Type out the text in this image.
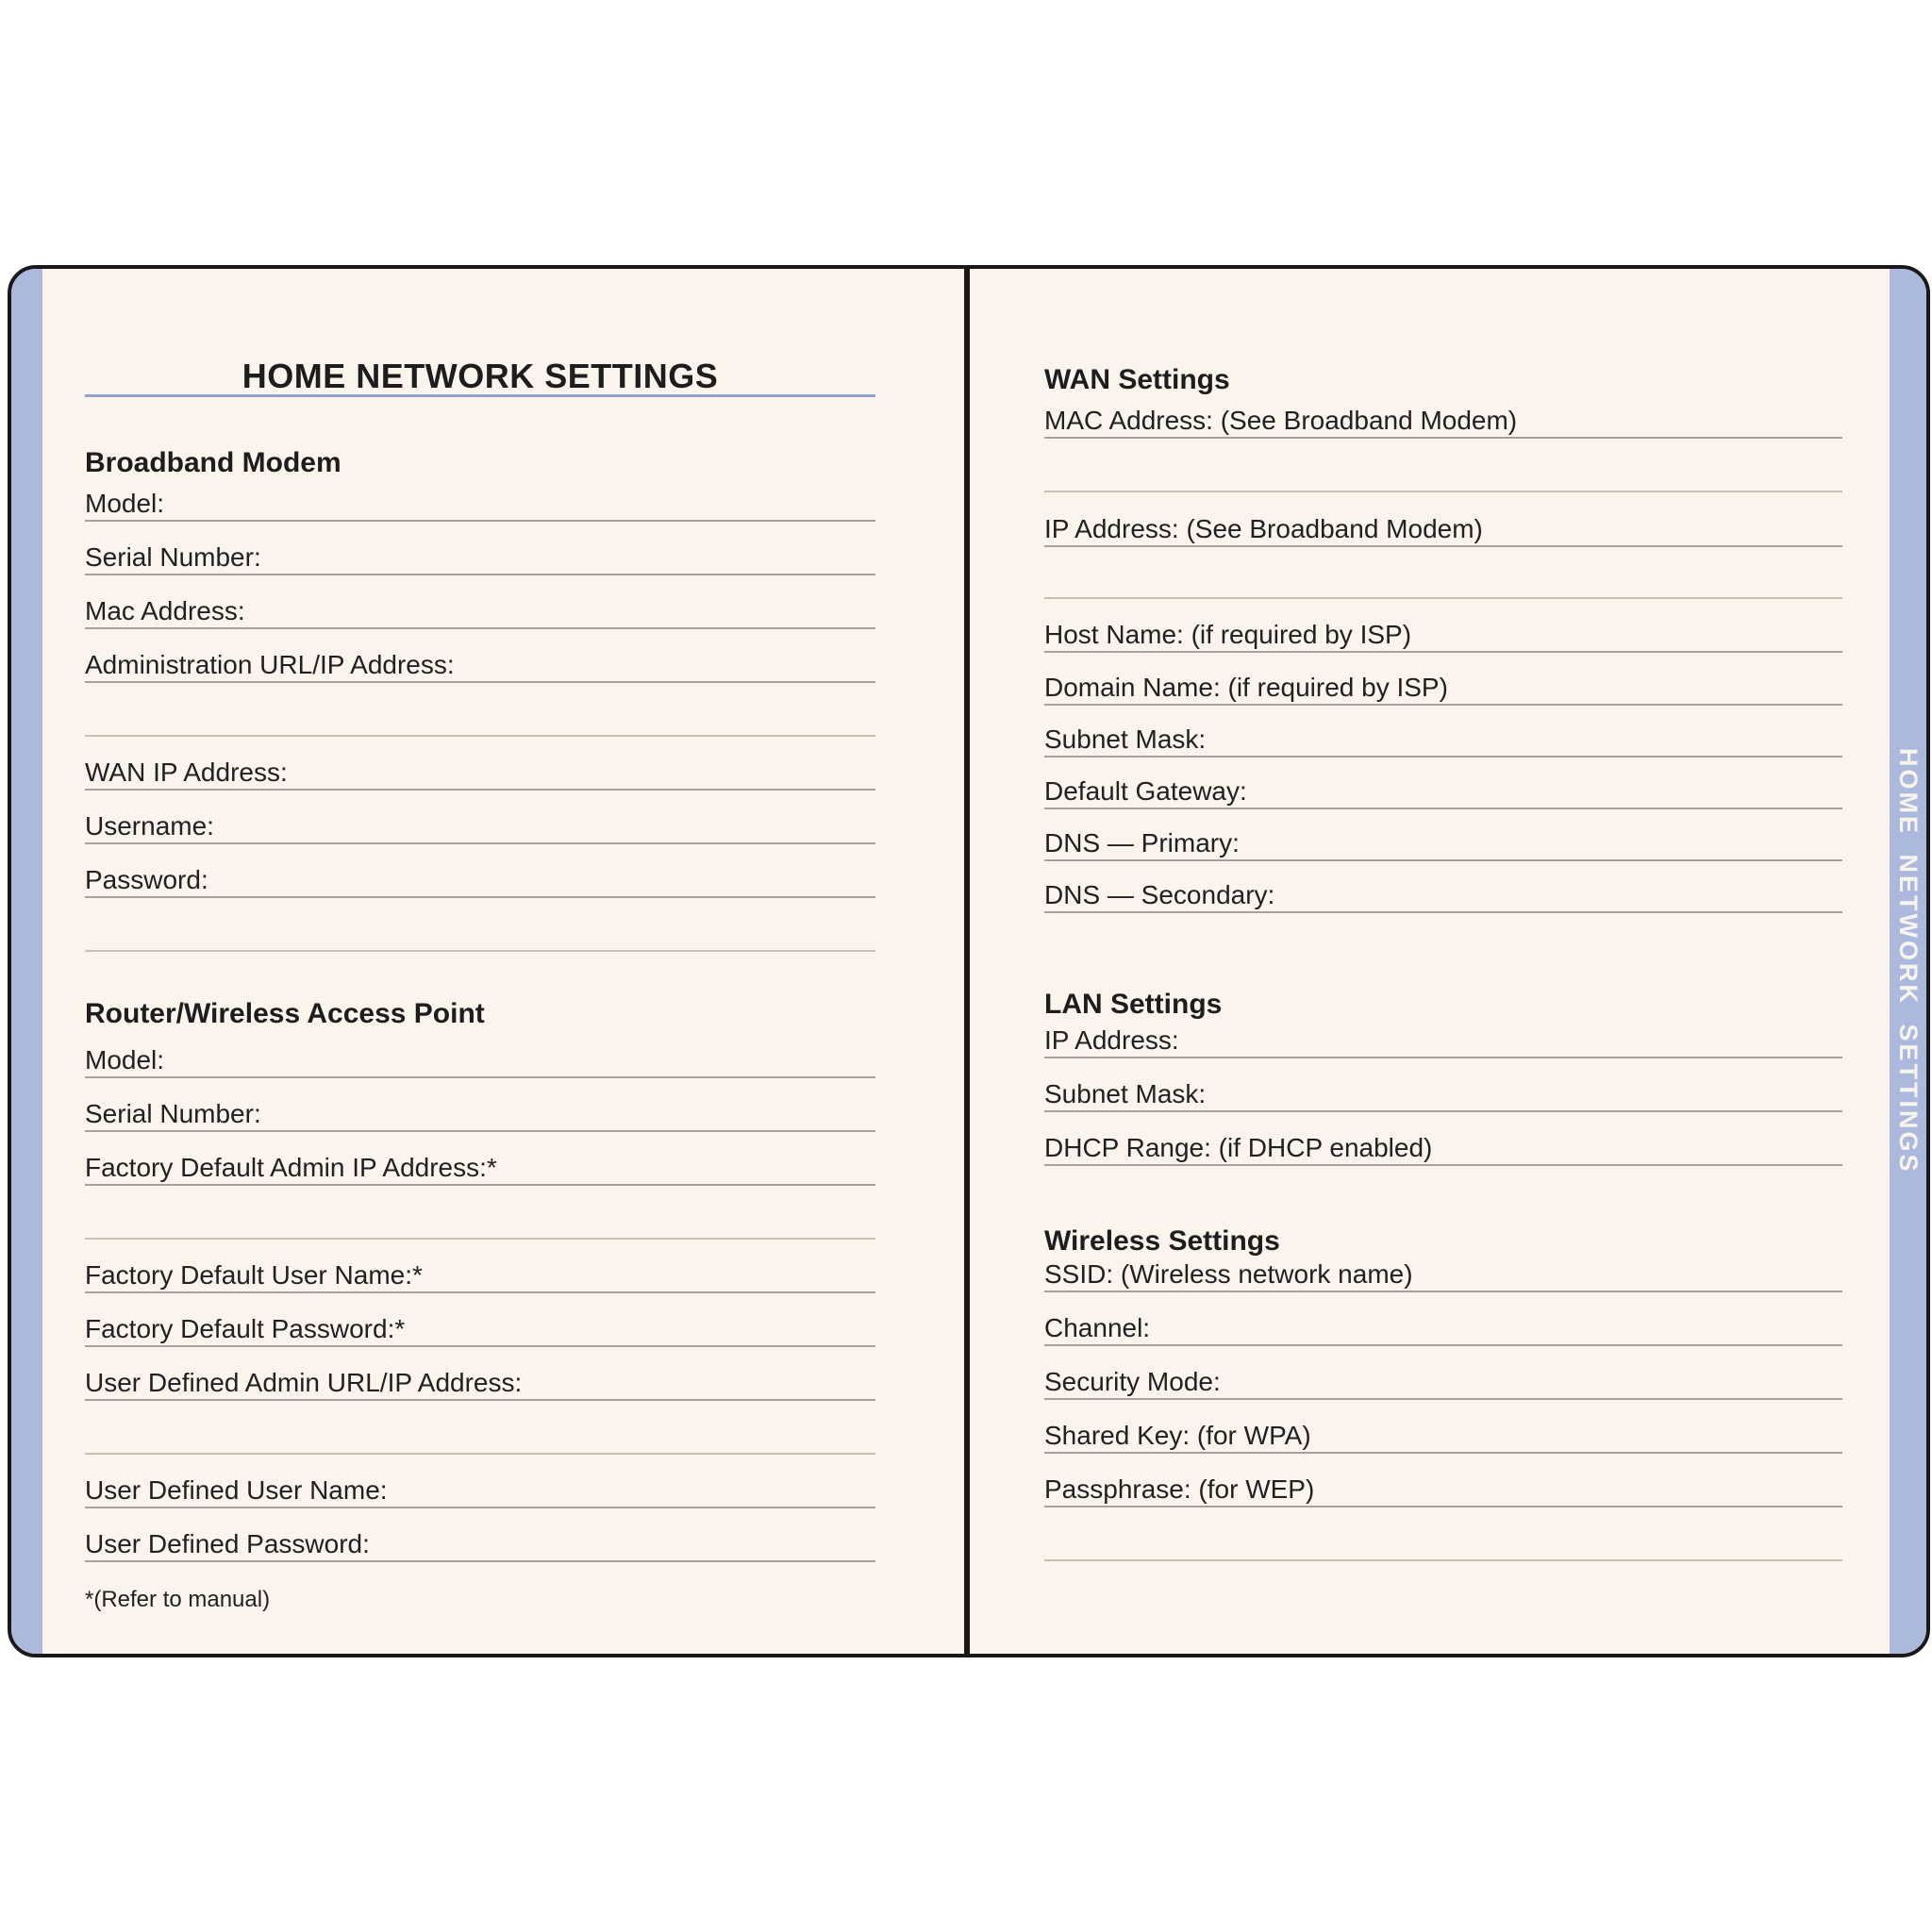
HOME NETWORK SETTINGS
Broadband Modem
Model:
Serial Number:
Mac Address:
Administration URL/IP Address:
WAN IP Address:
Username:
Password:
Router/Wireless Access Point
Model:
Serial Number:
Factory Default Admin IP Address:*
Factory Default User Name:*
Factory Default Password:*
User Defined Admin URL/IP Address:
User Defined User Name:
User Defined Password:
*(Refer to manual)
WAN Settings
MAC Address: (See Broadband Modem)
IP Address: (See Broadband Modem)
Host Name: (if required by ISP)
Domain Name: (if required by ISP)
Subnet Mask:
Default Gateway:
DNS — Primary:
DNS — Secondary:
LAN Settings
IP Address:
Subnet Mask:
DHCP Range: (if DHCP enabled)
Wireless Settings
SSID: (Wireless network name)
Channel:
Security Mode:
Shared Key: (for WPA)
Passphrase: (for WEP)
HOME NETWORK SETTINGS
